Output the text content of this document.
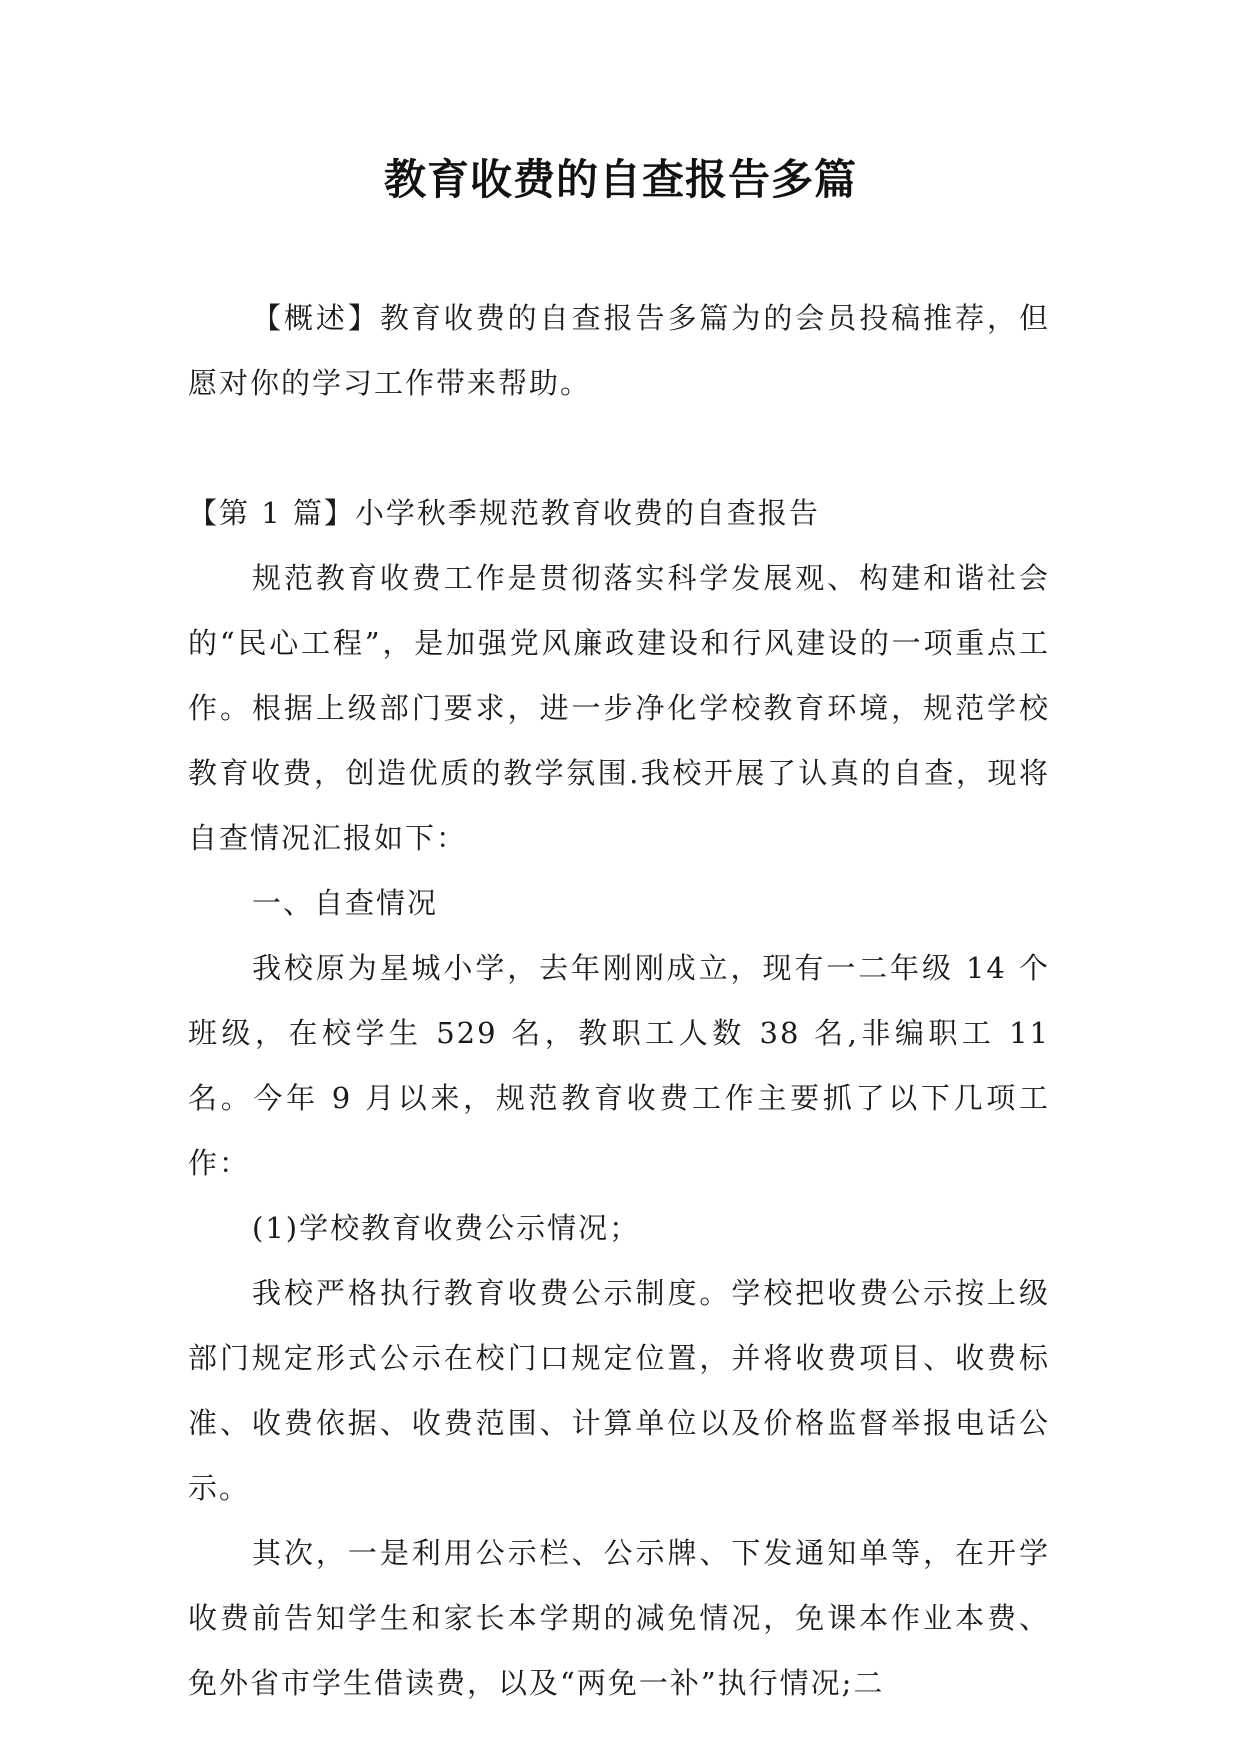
教育收费的自查报告多篇

【概述】教育收费的自查报告多篇为的会员投稿推荐，但愿对你的学习工作带来帮助。

【第 1 篇】小学秋季规范教育收费的自查报告

规范教育收费工作是贯彻落实科学发展观、构建和谐社会的“民心工程”，是加强党风廉政建设和行风建设的一项重点工作。根据上级部门要求，进一步净化学校教育环境，规范学校教育收费，创造优质的教学氛围.我校开展了认真的自查，现将自查情况汇报如下：

一、自查情况

我校原为星城小学，去年刚刚成立，现有一二年级 14 个班级，在校学生 529 名，教职工人数 38 名,非编职工 11 名。今年 9 月以来，规范教育收费工作主要抓了以下几项工作：

(1)学校教育收费公示情况；

我校严格执行教育收费公示制度。学校把收费公示按上级部门规定形式公示在校门口规定位置，并将收费项目、收费标准、收费依据、收费范围、计算单位以及价格监督举报电话公示。

其次，一是利用公示栏、公示牌、下发通知单等，在开学收费前告知学生和家长本学期的减免情况，免课本作业本费、免外省市学生借读费，以及“两免一补”执行情况;二
